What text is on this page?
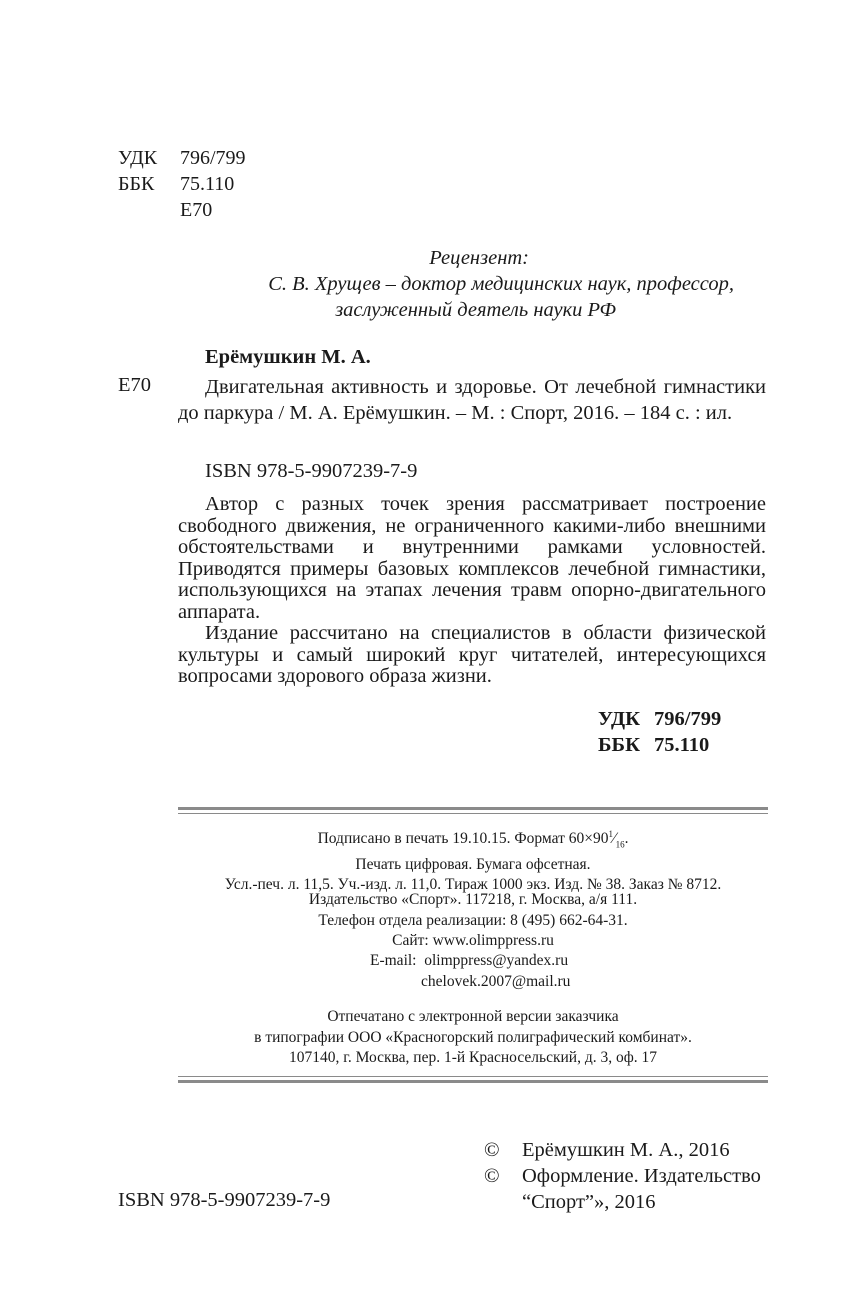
УДК	796/799
ББК	75.110
Е70
Рецензент:
С. В. Хрущев – доктор медицинских наук, профессор,
заслуженный деятель науки РФ
Ерёмушкин М. А.
Е70	Двигательная активность и здоровье. От лечебной гимнастики до паркура / М. А. Ерёмушкин. – М. : Спорт, 2016. – 184 с. : ил.
ISBN 978-5-9907239-7-9

Автор с разных точек зрения рассматривает построение свободного движения, не ограниченного какими-либо внешними обстоятельствами и внутренними рамками условностей. Приводятся примеры базовых комплексов лечебной гимнастики, использующихся на этапах лечения травм опорно-двигательного аппарата.

Издание рассчитано на специалистов в области физической культуры и самый широкий круг читателей, интересующихся вопросами здорового образа жизни.

УДК 796/799
ББК 75.110
Подписано в печать 19.10.15. Формат $60\times 90^1⁄_{16}$.
Печать цифровая. Бумага офсетная.
Усл.-печ. л. 11,5. Уч.-изд. л. 11,0. Тираж 1000 экз. Изд. № 38. Заказ № 8712.
Издательство «Спорт». 117218, г. Москва, а/я 111.
Телефон отдела реализации: 8 (495) 662-64-31.
Сайт: www.olimppress.ru
E-mail: olimppress@yandex.ru
chelovek.2007@mail.ru
Отпечатано с электронной версии заказчика
в типографии ООО «Красногорский полиграфический комбинат».
107140, г. Москва, пер. 1-й Красносельский, д. 3, оф. 17
©	Ерёмушкин М. А., 2016
©	Оформление. Издательство
“Спорт”», 2016
ISBN 978-5-9907239-7-9
